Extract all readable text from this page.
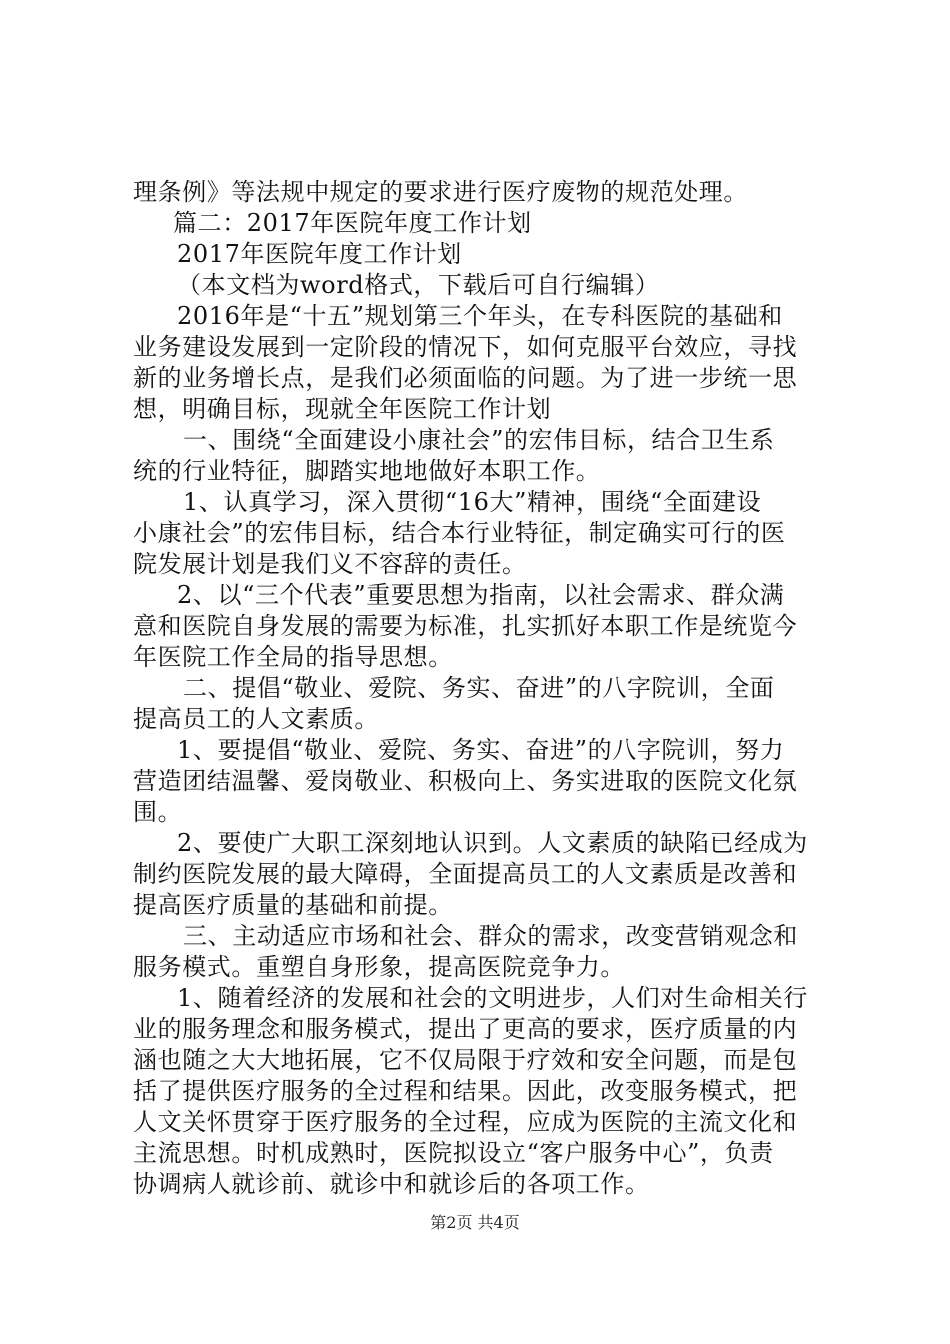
理条例》等法规中规定的要求进行医疗废物的规范处理。
篇二：2017年医院年度工作计划
2017年医院年度工作计划
（本文档为word格式，下载后可自行编辑）
2016年是“十五”规划第三个年头，在专科医院的基础和
业务建设发展到一定阶段的情况下，如何克服平台效应，寻找
新的业务增长点，是我们必须面临的问题。为了进一步统一思
想，明确目标，现就全年医院工作计划
一、围绕“全面建设小康社会”的宏伟目标，结合卫生系
统的行业特征，脚踏实地地做好本职工作。
1、认真学习，深入贯彻“16大”精神，围绕“全面建设
小康社会”的宏伟目标，结合本行业特征，制定确实可行的医
院发展计划是我们义不容辞的责任。
2、以“三个代表”重要思想为指南，以社会需求、群众满
意和医院自身发展的需要为标准，扎实抓好本职工作是统览今
年医院工作全局的指导思想。
二、提倡“敬业、爱院、务实、奋进”的八字院训，全面
提高员工的人文素质。
1、要提倡“敬业、爱院、务实、奋进”的八字院训，努力
营造团结温馨、爱岗敬业、积极向上、务实进取的医院文化氛
围。
2、要使广大职工深刻地认识到。人文素质的缺陷已经成为
制约医院发展的最大障碍，全面提高员工的人文素质是改善和
提高医疗质量的基础和前提。
三、主动适应市场和社会、群众的需求，改变营销观念和
服务模式。重塑自身形象，提高医院竞争力。
1、随着经济的发展和社会的文明进步，人们对生命相关行
业的服务理念和服务模式，提出了更高的要求，医疗质量的内
涵也随之大大地拓展，它不仅局限于疗效和安全问题，而是包
括了提供医疗服务的全过程和结果。因此，改变服务模式，把
人文关怀贯穿于医疗服务的全过程，应成为医院的主流文化和
主流思想。时机成熟时，医院拟设立“客户服务中心”，负责
协调病人就诊前、就诊中和就诊后的各项工作。
第2页 共4页
